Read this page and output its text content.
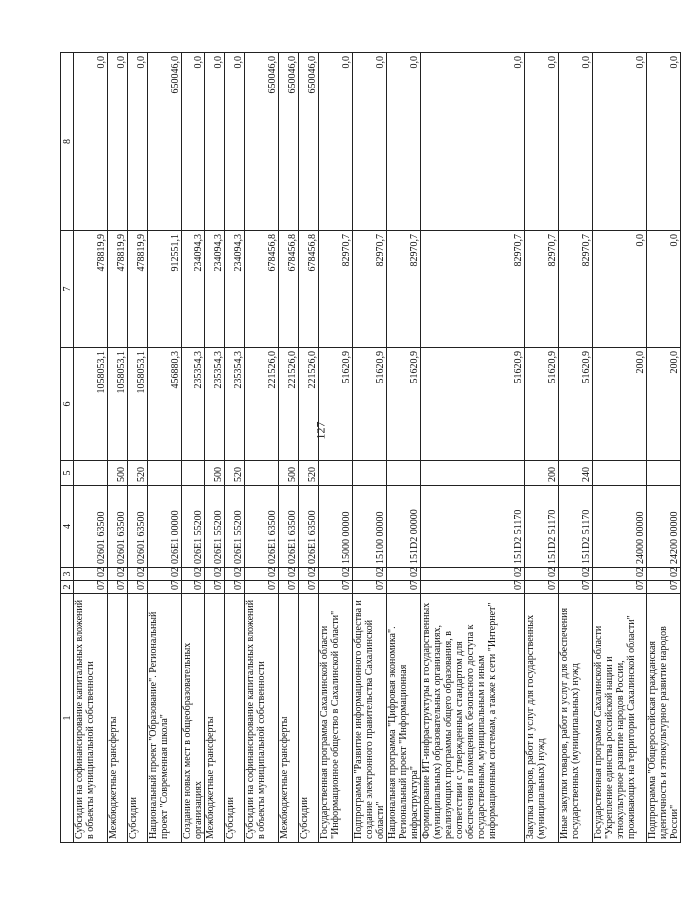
127
1	2	3	4	5	6	7	8
Субсидии на софинансирование капитальных вложений в объекты муниципальной собственности	07	02	02601 63500		1058053,1	478819,9	0,0
Межбюджетные трансферты	07	02	02601 63500	500	1058053,1	478819,9	0,0
Субсидии	07	02	02601 63500	520	1058053,1	478819,9	0,0
Национальный проект "Образование". Региональный проект "Современная школа"	07	02	026E1 00000		456880,3	912551,1	650046,0
Создание новых мест в общеобразовательных организациях	07	02	026E1 55200		235354,3	234094,3	0,0
Межбюджетные трансферты	07	02	026E1 55200	500	235354,3	234094,3	0,0
Субсидии	07	02	026E1 55200	520	235354,3	234094,3	0,0
Субсидии на софинансирование капитальных вложений в объекты муниципальной собственности	07	02	026E1 63500		221526,0	678456,8	650046,0
Межбюджетные трансферты	07	02	026E1 63500	500	221526,0	678456,8	650046,0
Субсидии	07	02	026E1 63500	520	221526,0	678456,8	650046,0
Государственная программа Сахалинской области "Информационное общество в Сахалинской области"	07	02	15000 00000		51620,9	82970,7	0,0
Подпрограмма "Развитие информационного общества и создание электронного правительства Сахалинской области"	07	02	15100 00000		51620,9	82970,7	0,0
Национальная программа "Цифровая экономика". Региональный проект "Информационная инфраструктура"	07	02	151D2 00000		51620,9	82970,7	0,0
Формирование ИТ-инфраструктуры в государственных (муниципальных) образовательных организациях, реализующих программы общего образования, в соответствии с утвержденным стандартом для обеспечения в помещениях безопасного доступа к государственным, муниципальным и иным информационным системам, а также к сети "Интернет"	07	02	151D2 51170		51620,9	82970,7	0,0
Закупка товаров, работ и услуг для государственных (муниципальных) нужд	07	02	151D2 51170	200	51620,9	82970,7	0,0
Иные закупки товаров, работ и услуг для обеспечения государственных (муниципальных) нужд	07	02	151D2 51170	240	51620,9	82970,7	0,0
Государственная программа Сахалинской области "Укрепление единства российской нации и этнокультурное развитие народов России, проживающих на территории Сахалинской области"	07	02	24000 00000		200,0	0,0	0,0
Подпрограмма "Общероссийская гражданская идентичность и этнокультурное развитие народов России"	07	02	24200 00000		200,0	0,0	0,0
